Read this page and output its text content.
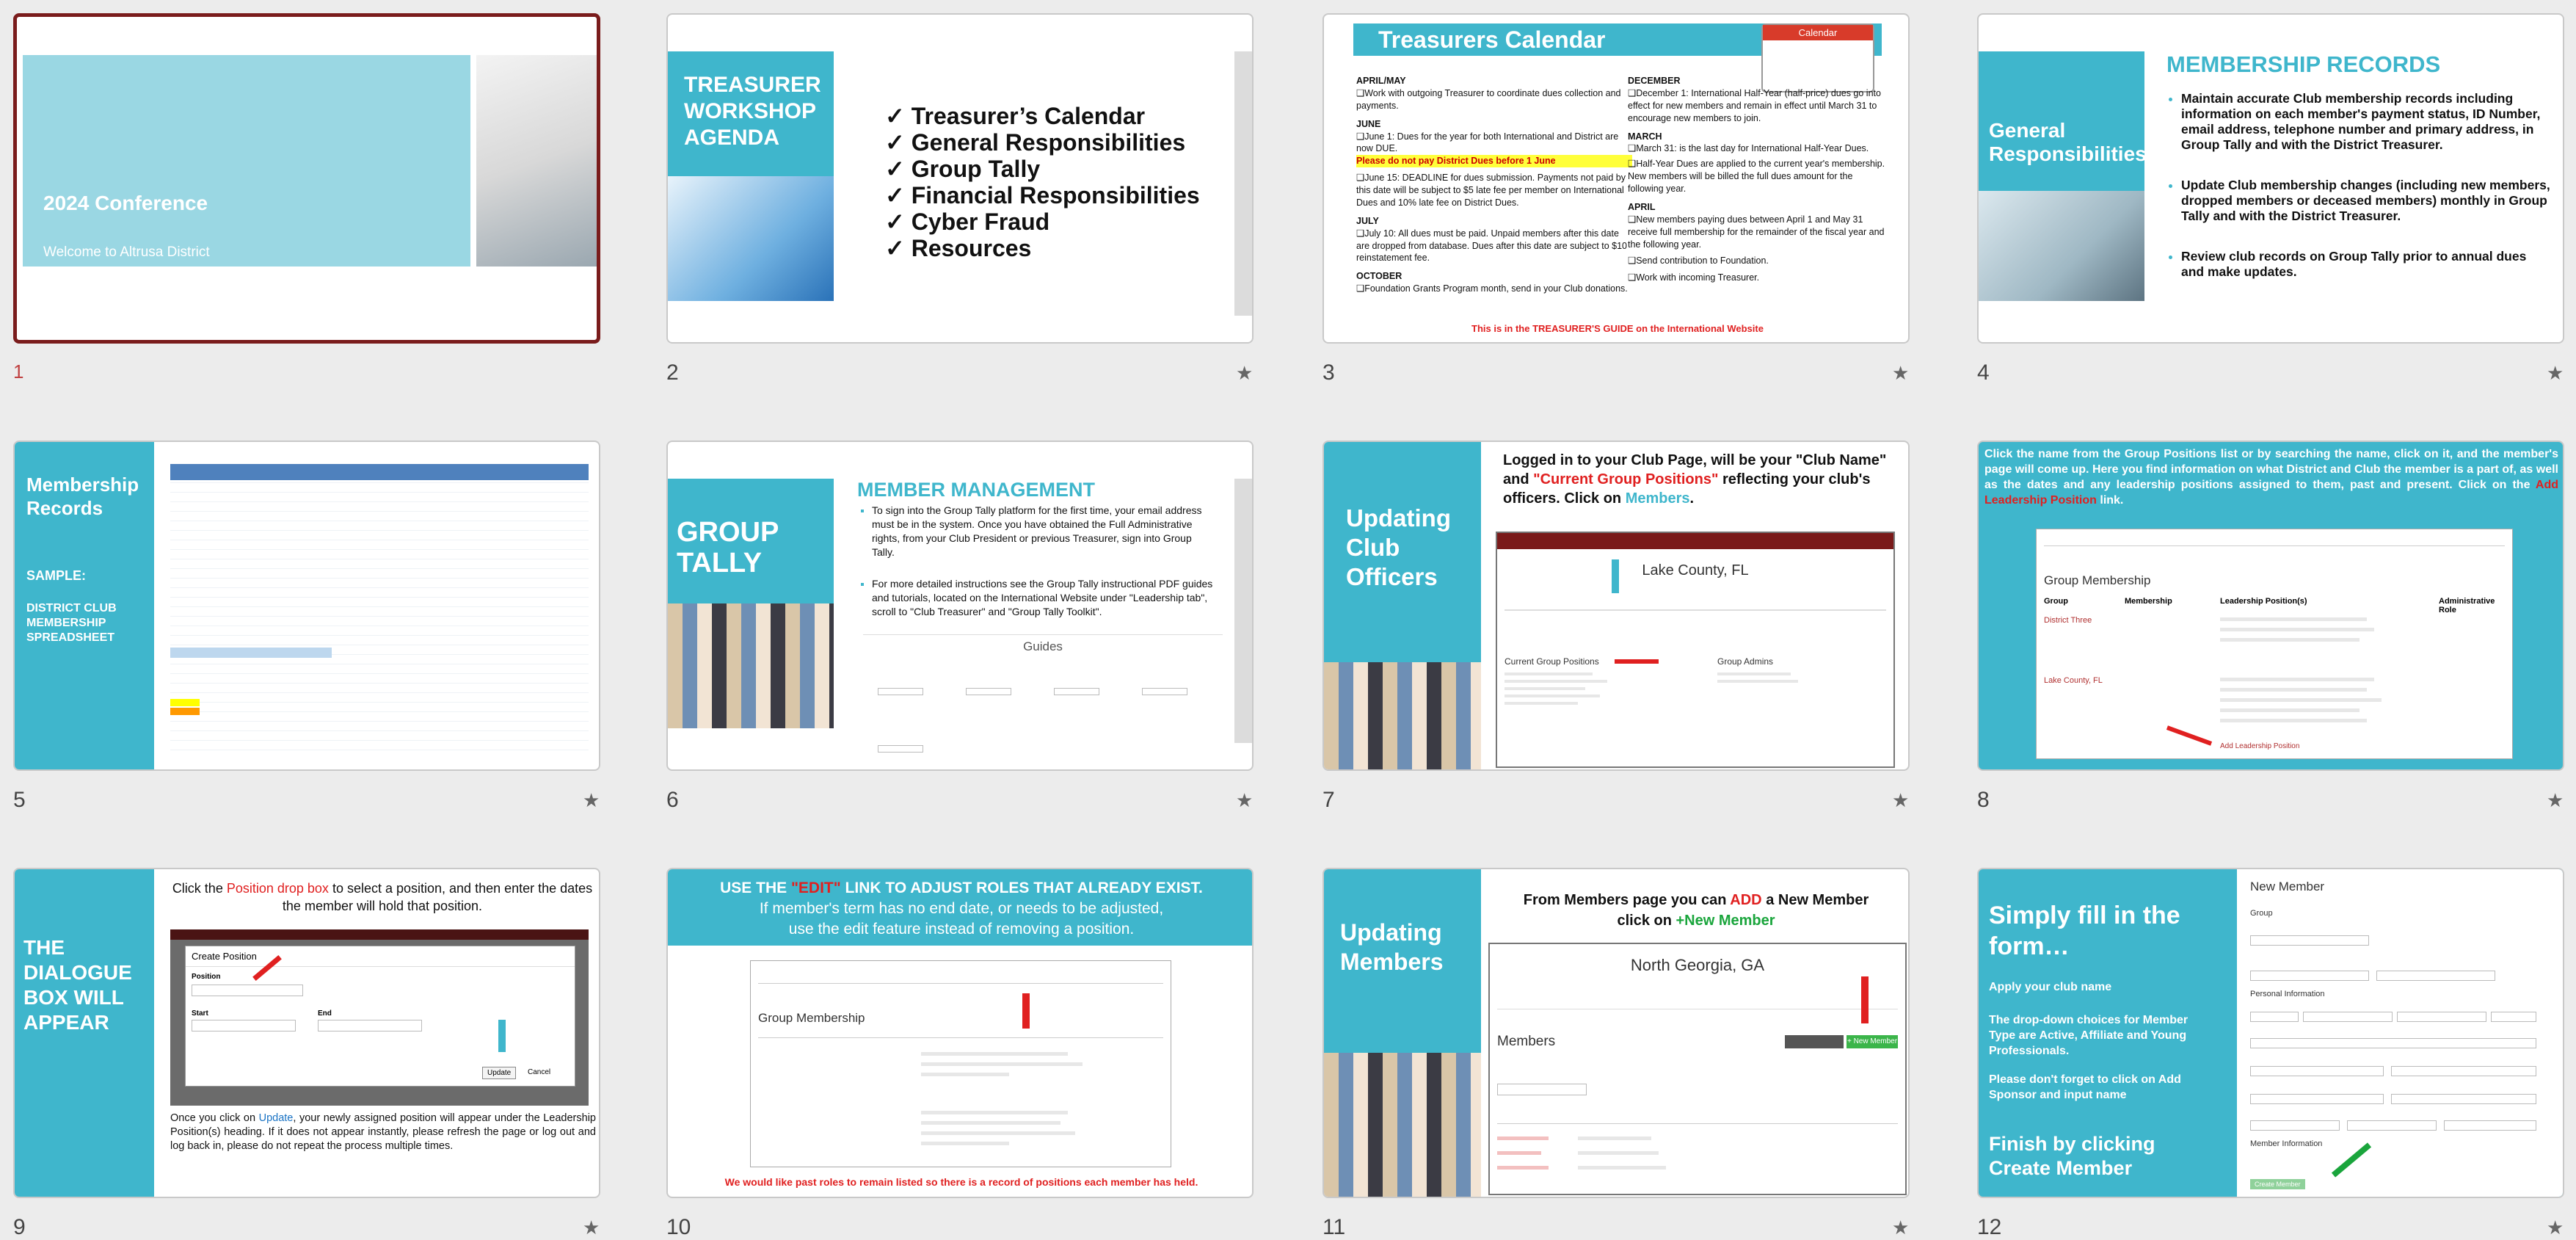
2024 Conference
Welcome to Altrusa District
TREASURERS WORKSHOP
1
TREASURER
WORKSHOP
AGENDA
✓ Treasurer’s Calendar
✓ General Responsibilities
✓ Group Tally
✓ Financial Responsibilities
✓ Cyber Fraud
✓ Resources
2	★
Treasurers Calendar	Calendar
APRIL/MAY
❑Work with outgoing Treasurer to coordinate dues collection and payments.
JUNE
❑June 1: Dues for the year for both International and District are now DUE.
Please do not pay District Dues before 1 June
❑June 15: DEADLINE for dues submission. Payments not paid by this date will be subject to $5 late fee per member on International Dues and 10% late fee on District Dues.
JULY
❑July 10: All dues must be paid. Unpaid members after this date are dropped from database. Dues after this date are subject to $10 reinstatement fee.
OCTOBER
❑Foundation Grants Program month, send in your Club donations.
DECEMBER
❑December 1: International Half-Year (half-price) dues go into effect for new members and remain in effect until March 31 to encourage new members to join.
MARCH
❑March 31: is the last day for International Half-Year Dues.
❑Half-Year Dues are applied to the current year's membership. New members will be billed the full dues amount for the following year.
APRIL
❑New members paying dues between April 1 and May 31 receive full membership for the remainder of the fiscal year and the following year.
❑Send contribution to Foundation.
❑Work with incoming Treasurer.
This is in the TREASURER'S GUIDE on the International Website
3	★
General Responsibilities
MEMBERSHIP RECORDS
• Maintain accurate Club membership records including information on each member's payment status, ID Number, email address, telephone number and primary address, in Group Tally and with the District Treasurer.
• Update Club membership changes (including new members, dropped members or deceased members) monthly in Group Tally and with the District Treasurer.
• Review club records on Group Tally prior to annual dues and make updates.
4	★
Membership Records
SAMPLE:
DISTRICT CLUB MEMBERSHIP SPREADSHEET
5	★
GROUP TALLY
MEMBER MANAGEMENT
▪ To sign into the Group Tally platform for the first time, your email address must be in the system. Once you have obtained the Full Administrative rights, from your Club President or previous Treasurer, sign into Group Tally.
▪ For more detailed instructions see the Group Tally instructional PDF guides and tutorials, located on the International Website under "Leadership tab", scroll to "Club Treasurer" and "Group Tally Toolkit".
Guides
6	★
Updating Club Officers
Logged in to your Club Page, will be your "Club Name" and "Current Group Positions" reflecting your club's officers. Click on Members.
Lake County, FL
Current Group Positions	Group Admins
7	★
Click the name from the Group Positions list or by searching the name, click on it, and the member's page will come up. Here you find information on what District and Club the member is a part of, as well as the dates and any leadership positions assigned to them, past and present. Click on the Add Leadership Position link.
Group Membership
Group	Membership	Leadership Position(s)	Administrative Role
District Three
Lake County, FL
Add Leadership Position
8	★
THE DIALOGUE BOX WILL APPEAR
Click the Position drop box to select a position, and then enter the dates the member will hold that position.
Create Position
Position
Start	End
Update	Cancel
Once you click on Update, your newly assigned position will appear under the Leadership Position(s) heading. If it does not appear instantly, please refresh the page or log out and log back in, please do not repeat the process multiple times.
9	★
USE THE "EDIT" LINK TO ADJUST ROLES THAT ALREADY EXIST.
If member's term has no end date, or needs to be adjusted,
use the edit feature instead of removing a position.
Group Membership
We would like past roles to remain listed so there is a record of positions each member has held.
10
Updating Members
From Members page you can ADD a New Member
click on +New Member
North Georgia, GA
Members	+ New Member
11	★
Simply fill in the form…
Apply your club name
The drop-down choices for Member Type are Active, Affiliate and Young Professionals.
Please don't forget to click on Add Sponsor and input name
Finish by clicking Create Member
New Member
Group
Personal Information
Member Information
Create Member
12	★
